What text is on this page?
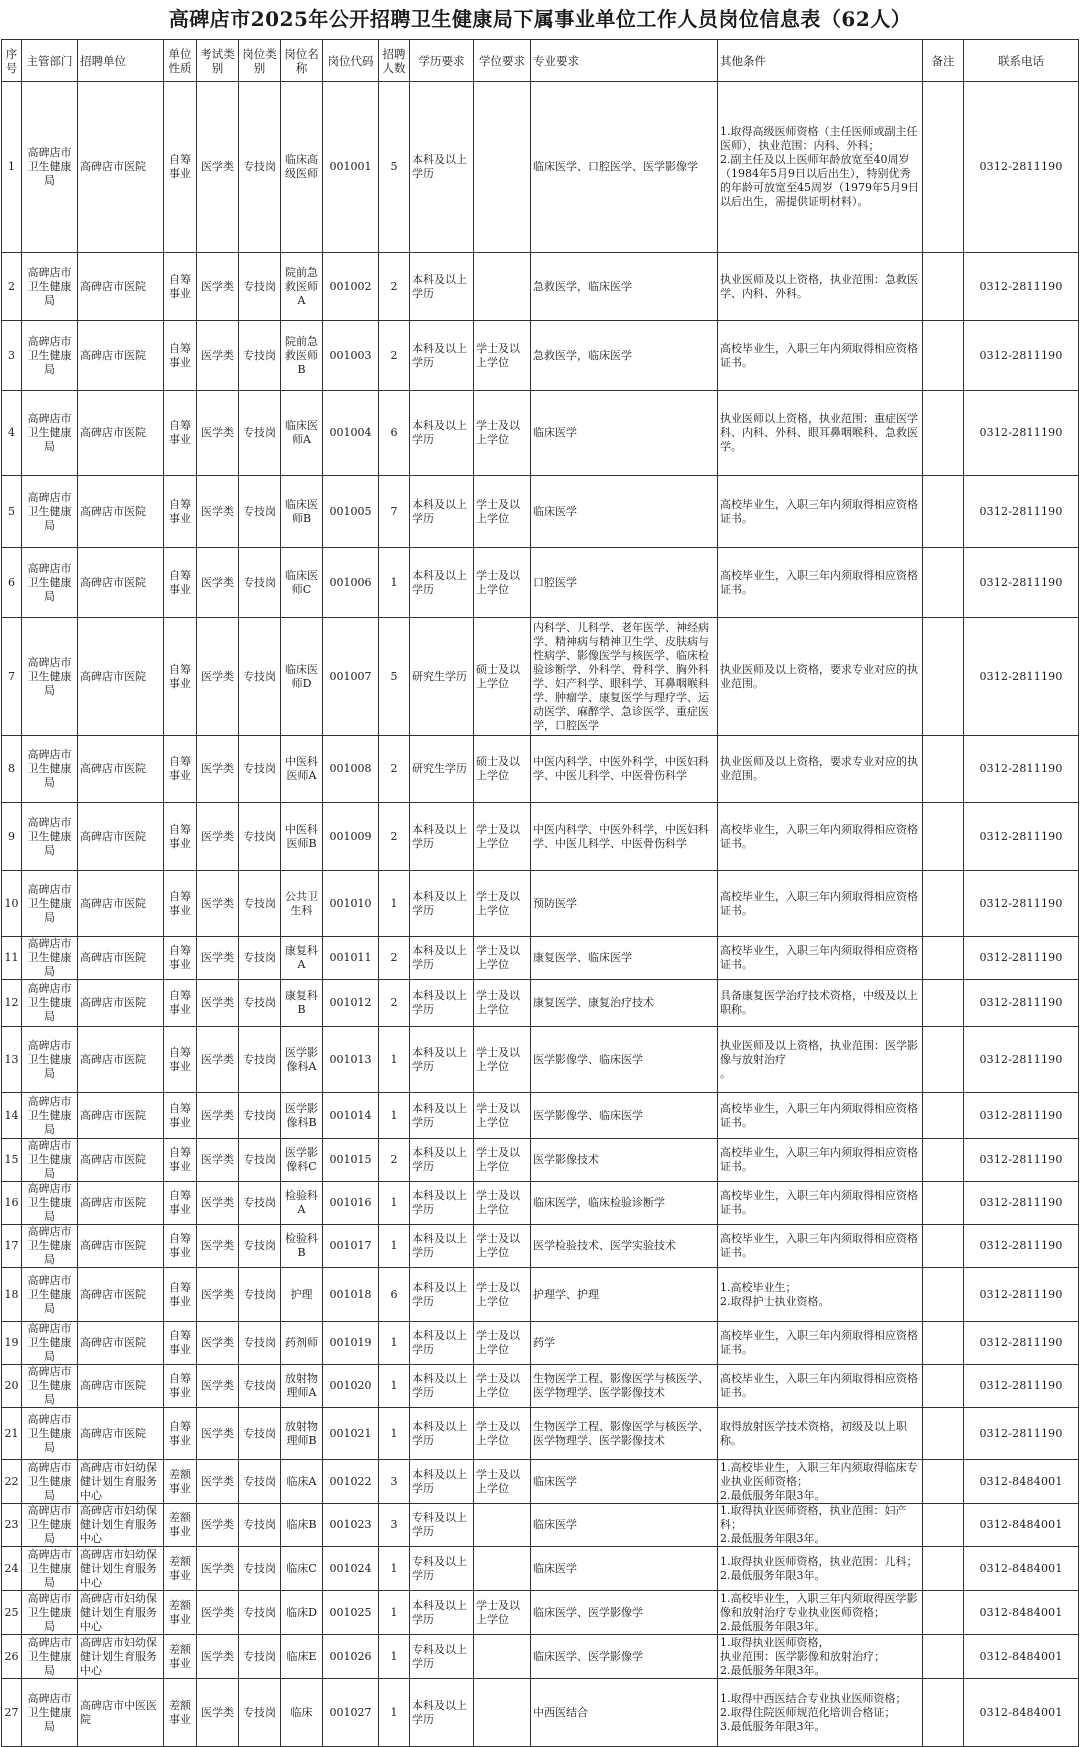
高碑店市2025年公开招聘卫生健康局下属事业单位工作人员岗位信息表（62人）
序号	主管部门	招聘单位	单位性质	考试类别	岗位类别	岗位名称	岗位代码	招聘人数	学历要求	学位要求	专业要求	其他条件	备注	联系电话
1	高碑店市卫生健康局	高碑店市医院	自筹事业	医学类	专技岗	临床高级医师	001001	5	本科及以上学历		临床医学、口腔医学、医学影像学	1.取得高级医师资格（主任医师或副主任医师），执业范围：内科、外科；
2.副主任及以上医师年龄放宽至40周岁（1984年5月9日以后出生），特别优秀的年龄可放宽至45周岁（1979年5月9日以后出生，需提供证明材料）。		0312-2811190
2	高碑店市卫生健康局	高碑店市医院	自筹事业	医学类	专技岗	院前急救医师A	001002	2	本科及以上学历		急救医学，临床医学	执业医师及以上资格，执业范围：急救医学、内科、外科。		0312-2811190
3	高碑店市卫生健康局	高碑店市医院	自筹事业	医学类	专技岗	院前急救医师B	001003	2	本科及以上学历	学士及以上学位	急救医学，临床医学	高校毕业生，入职三年内须取得相应资格证书。		0312-2811190
4	高碑店市卫生健康局	高碑店市医院	自筹事业	医学类	专技岗	临床医师A	001004	6	本科及以上学历	学士及以上学位	临床医学	执业医师以上资格，执业范围：重症医学科、内科、外科、眼耳鼻咽喉科、急救医学。		0312-2811190
5	高碑店市卫生健康局	高碑店市医院	自筹事业	医学类	专技岗	临床医师B	001005	7	本科及以上学历	学士及以上学位	临床医学	高校毕业生，入职三年内须取得相应资格证书。		0312-2811190
6	高碑店市卫生健康局	高碑店市医院	自筹事业	医学类	专技岗	临床医师C	001006	1	本科及以上学历	学士及以上学位	口腔医学	高校毕业生，入职三年内须取得相应资格证书。		0312-2811190
7	高碑店市卫生健康局	高碑店市医院	自筹事业	医学类	专技岗	临床医师D	001007	5	研究生学历	硕士及以上学位	内科学、儿科学、老年医学、神经病学、精神病与精神卫生学、皮肤病与性病学、影像医学与核医学、临床检验诊断学、外科学、骨科学、胸外科学、妇产科学、眼科学、耳鼻咽喉科学、肿瘤学、康复医学与理疗学、运动医学、麻醉学、急诊医学、重症医学，口腔医学	执业医师及以上资格，要求专业对应的执业范围。		0312-2811190
8	高碑店市卫生健康局	高碑店市医院	自筹事业	医学类	专技岗	中医科医师A	001008	2	研究生学历	硕士及以上学位	中医内科学、中医外科学，中医妇科学、中医儿科学、中医骨伤科学	执业医师及以上资格，要求专业对应的执业范围。		0312-2811190
9	高碑店市卫生健康局	高碑店市医院	自筹事业	医学类	专技岗	中医科医师B	001009	2	本科及以上学历	学士及以上学位	中医内科学、中医外科学，中医妇科学、中医儿科学、中医骨伤科学	高校毕业生，入职三年内须取得相应资格证书。		0312-2811190
10	高碑店市卫生健康局	高碑店市医院	自筹事业	医学类	专技岗	公共卫生科	001010	1	本科及以上学历	学士及以上学位	预防医学	高校毕业生，入职三年内须取得相应资格证书。		0312-2811190
11	高碑店市卫生健康局	高碑店市医院	自筹事业	医学类	专技岗	康复科A	001011	2	本科及以上学历	学士及以上学位	康复医学、临床医学	高校毕业生，入职三年内须取得相应资格证书。		0312-2811190
12	高碑店市卫生健康局	高碑店市医院	自筹事业	医学类	专技岗	康复科B	001012	2	本科及以上学历	学士及以上学位	康复医学、康复治疗技术	具备康复医学治疗技术资格，中级及以上职称。		0312-2811190
13	高碑店市卫生健康局	高碑店市医院	自筹事业	医学类	专技岗	医学影像科A	001013	1	本科及以上学历	学士及以上学位	医学影像学、临床医学	执业医师及以上资格，执业范围：医学影像与放射治疗
。		0312-2811190
14	高碑店市卫生健康局	高碑店市医院	自筹事业	医学类	专技岗	医学影像科B	001014	1	本科及以上学历	学士及以上学位	医学影像学、临床医学	高校毕业生，入职三年内须取得相应资格证书。		0312-2811190
15	高碑店市卫生健康局	高碑店市医院	自筹事业	医学类	专技岗	医学影像科C	001015	2	本科及以上学历	学士及以上学位	医学影像技术	高校毕业生，入职三年内须取得相应资格证书。		0312-2811190
16	高碑店市卫生健康局	高碑店市医院	自筹事业	医学类	专技岗	检验科A	001016	1	本科及以上学历	学士及以上学位	临床医学，临床检验诊断学	高校毕业生，入职三年内须取得相应资格证书。		0312-2811190
17	高碑店市卫生健康局	高碑店市医院	自筹事业	医学类	专技岗	检验科B	001017	1	本科及以上学历	学士及以上学位	医学检验技术、医学实验技术	高校毕业生，入职三年内须取得相应资格证书。		0312-2811190
18	高碑店市卫生健康局	高碑店市医院	自筹事业	医学类	专技岗	护理	001018	6	本科及以上学历	学士及以上学位	护理学、护理	1.高校毕业生；
2.取得护士执业资格。		0312-2811190
19	高碑店市卫生健康局	高碑店市医院	自筹事业	医学类	专技岗	药剂师	001019	1	本科及以上学历	学士及以上学位	药学	高校毕业生，入职三年内须取得相应资格证书。		0312-2811190
20	高碑店市卫生健康局	高碑店市医院	自筹事业	医学类	专技岗	放射物理师A	001020	1	本科及以上学历	学士及以上学位	生物医学工程、影像医学与核医学、医学物理学、医学影像技术	高校毕业生，入职三年内须取得相应资格证书。		0312-2811190
21	高碑店市卫生健康局	高碑店市医院	自筹事业	医学类	专技岗	放射物理师B	001021	1	本科及以上学历	学士及以上学位	生物医学工程、影像医学与核医学、医学物理学、医学影像技术	取得放射医学技术资格，初级及以上职称。		0312-2811190
22	高碑店市卫生健康局	高碑店市妇幼保健计划生育服务中心	差额事业	医学类	专技岗	临床A	001022	3	本科及以上学历	学士及以上学位	临床医学	1.高校毕业生，入职三年内须取得临床专业执业医师资格；
2.最低服务年限3年。		0312-8484001
23	高碑店市卫生健康局	高碑店市妇幼保健计划生育服务中心	差额事业	医学类	专技岗	临床B	001023	3	专科及以上学历		临床医学	1.取得执业医师资格，执业范围：妇产科；
2.最低服务年限3年。		0312-8484001
24	高碑店市卫生健康局	高碑店市妇幼保健计划生育服务中心	差额事业	医学类	专技岗	临床C	001024	1	专科及以上学历		临床医学	1.取得执业医师资格，执业范围：儿科；
2.最低服务年限3年。		0312-8484001
25	高碑店市卫生健康局	高碑店市妇幼保健计划生育服务中心	差额事业	医学类	专技岗	临床D	001025	1	本科及以上学历	学士及以上学位	临床医学、医学影像学	1.高校毕业生，入职三年内须取得医学影像和放射治疗专业执业医师资格；
2.最低服务年限3年。		0312-8484001
26	高碑店市卫生健康局	高碑店市妇幼保健计划生育服务中心	差额事业	医学类	专技岗	临床E	001026	1	专科及以上学历		临床医学、医学影像学	1.取得执业医师资格，
执业范围：医学影像和放射治疗；
2.最低服务年限3年。		0312-8484001
27	高碑店市卫生健康局	高碑店市中医医院	差额事业	医学类	专技岗	临床	001027	1	本科及以上学历		中西医结合	1.取得中西医结合专业执业医师资格；
2.取得住院医师规范化培训合格证；
3.最低服务年限3年。		0312-8484001
